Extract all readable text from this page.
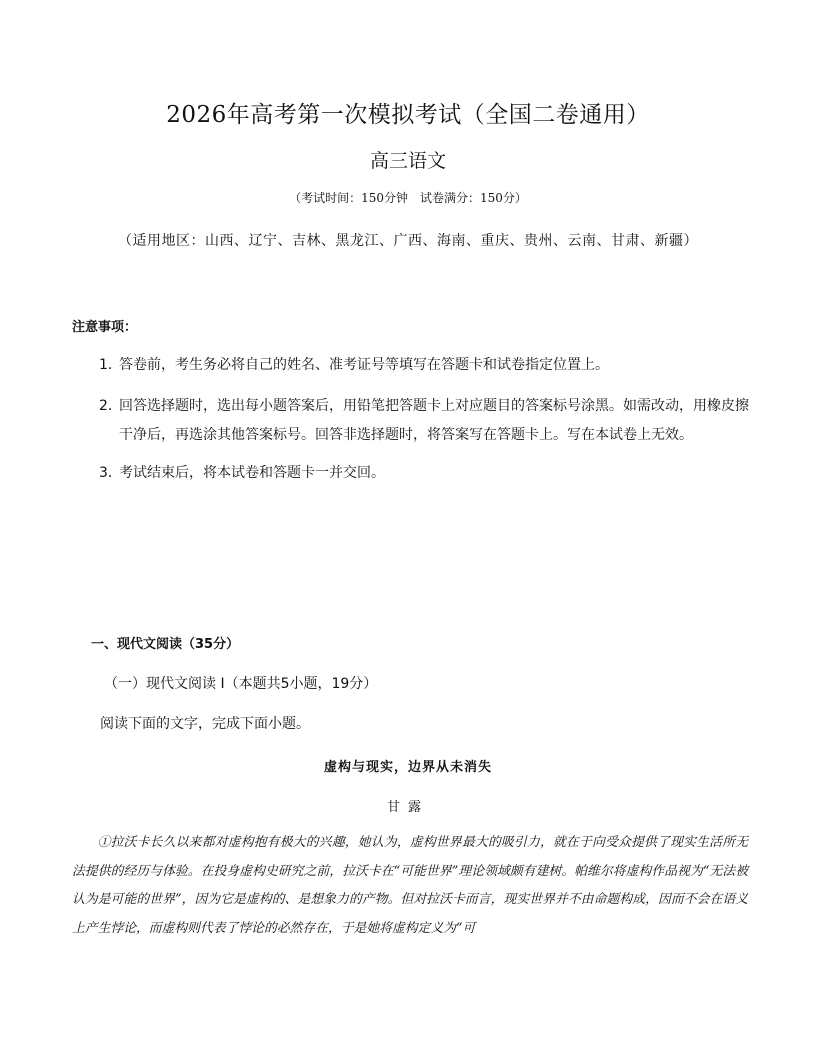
2026年高考第一次模拟考试（全国二卷通用）
高三语文
（考试时间：150分钟　试卷满分：150分）
（适用地区：山西、辽宁、吉林、黑龙江、广西、海南、重庆、贵州、云南、甘肃、新疆）
注意事项：
1．
答卷前，考生务必将自己的姓名、准考证号等填写在答题卡和试卷指定位置上。
2．
回答选择题时，选出每小题答案后，用铅笔把答题卡上对应题目的答案标号涂黑。如需改动，用橡皮擦干净后，再选涂其他答案标号。回答非选择题时，将答案写在答题卡上。写在本试卷上无效。
3．
考试结束后，将本试卷和答题卡一并交回。
一、现代文阅读（35分）
（一）现代文阅读 I（本题共5小题，19分）
阅读下面的文字，完成下面小题。
虚构与现实，边界从未消失
甘露

①拉沃卡长久以来都对虚构抱有极大的兴趣，她认为，虚构世界最大的吸引力，就在于向受众提供了现实生活所无法提供的经历与体验。在投身虚构史研究之前，拉沃卡在“可能世界”理论领域颇有建树。帕维尔将虚构作品视为“无法被认为是可能的世界”，因为它是虚构的、是想象力的产物。但对拉沃卡而言，现实世界并不由命题构成，因而不会在语义上产生悖论，而虚构则代表了悖论的必然存在，于是她将虚构定义为“可
